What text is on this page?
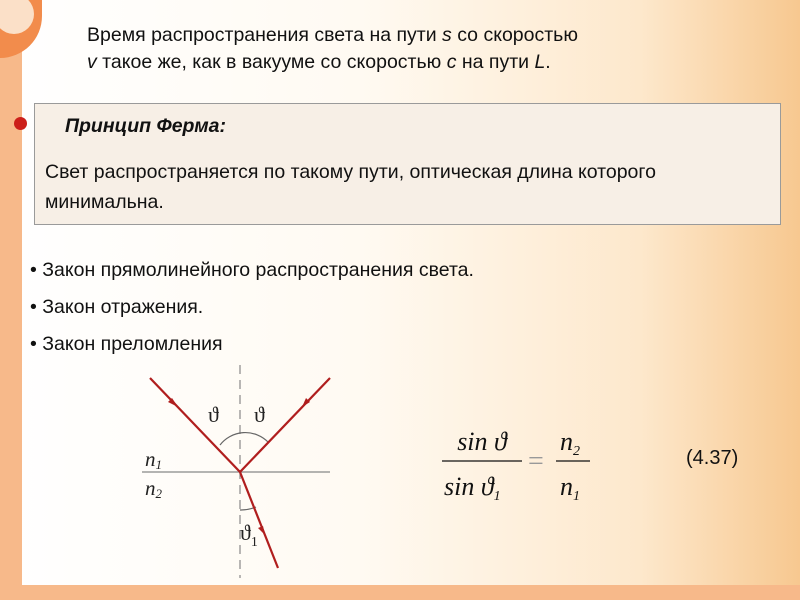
Время распространения света на пути s со скоростью
v такое же, как в вакууме со скоростью c на пути L.
Принцип Ферма:
Свет распространяется по такому пути, оптическая длина которого минимальна.
• Закон прямолинейного распространения света.
• Закон отражения.
• Закон преломления
ϑ ϑ
n1
n2
$ϑ_1$
sin ϑ
sin ϑ1
=
n2
n1
(4.37)
